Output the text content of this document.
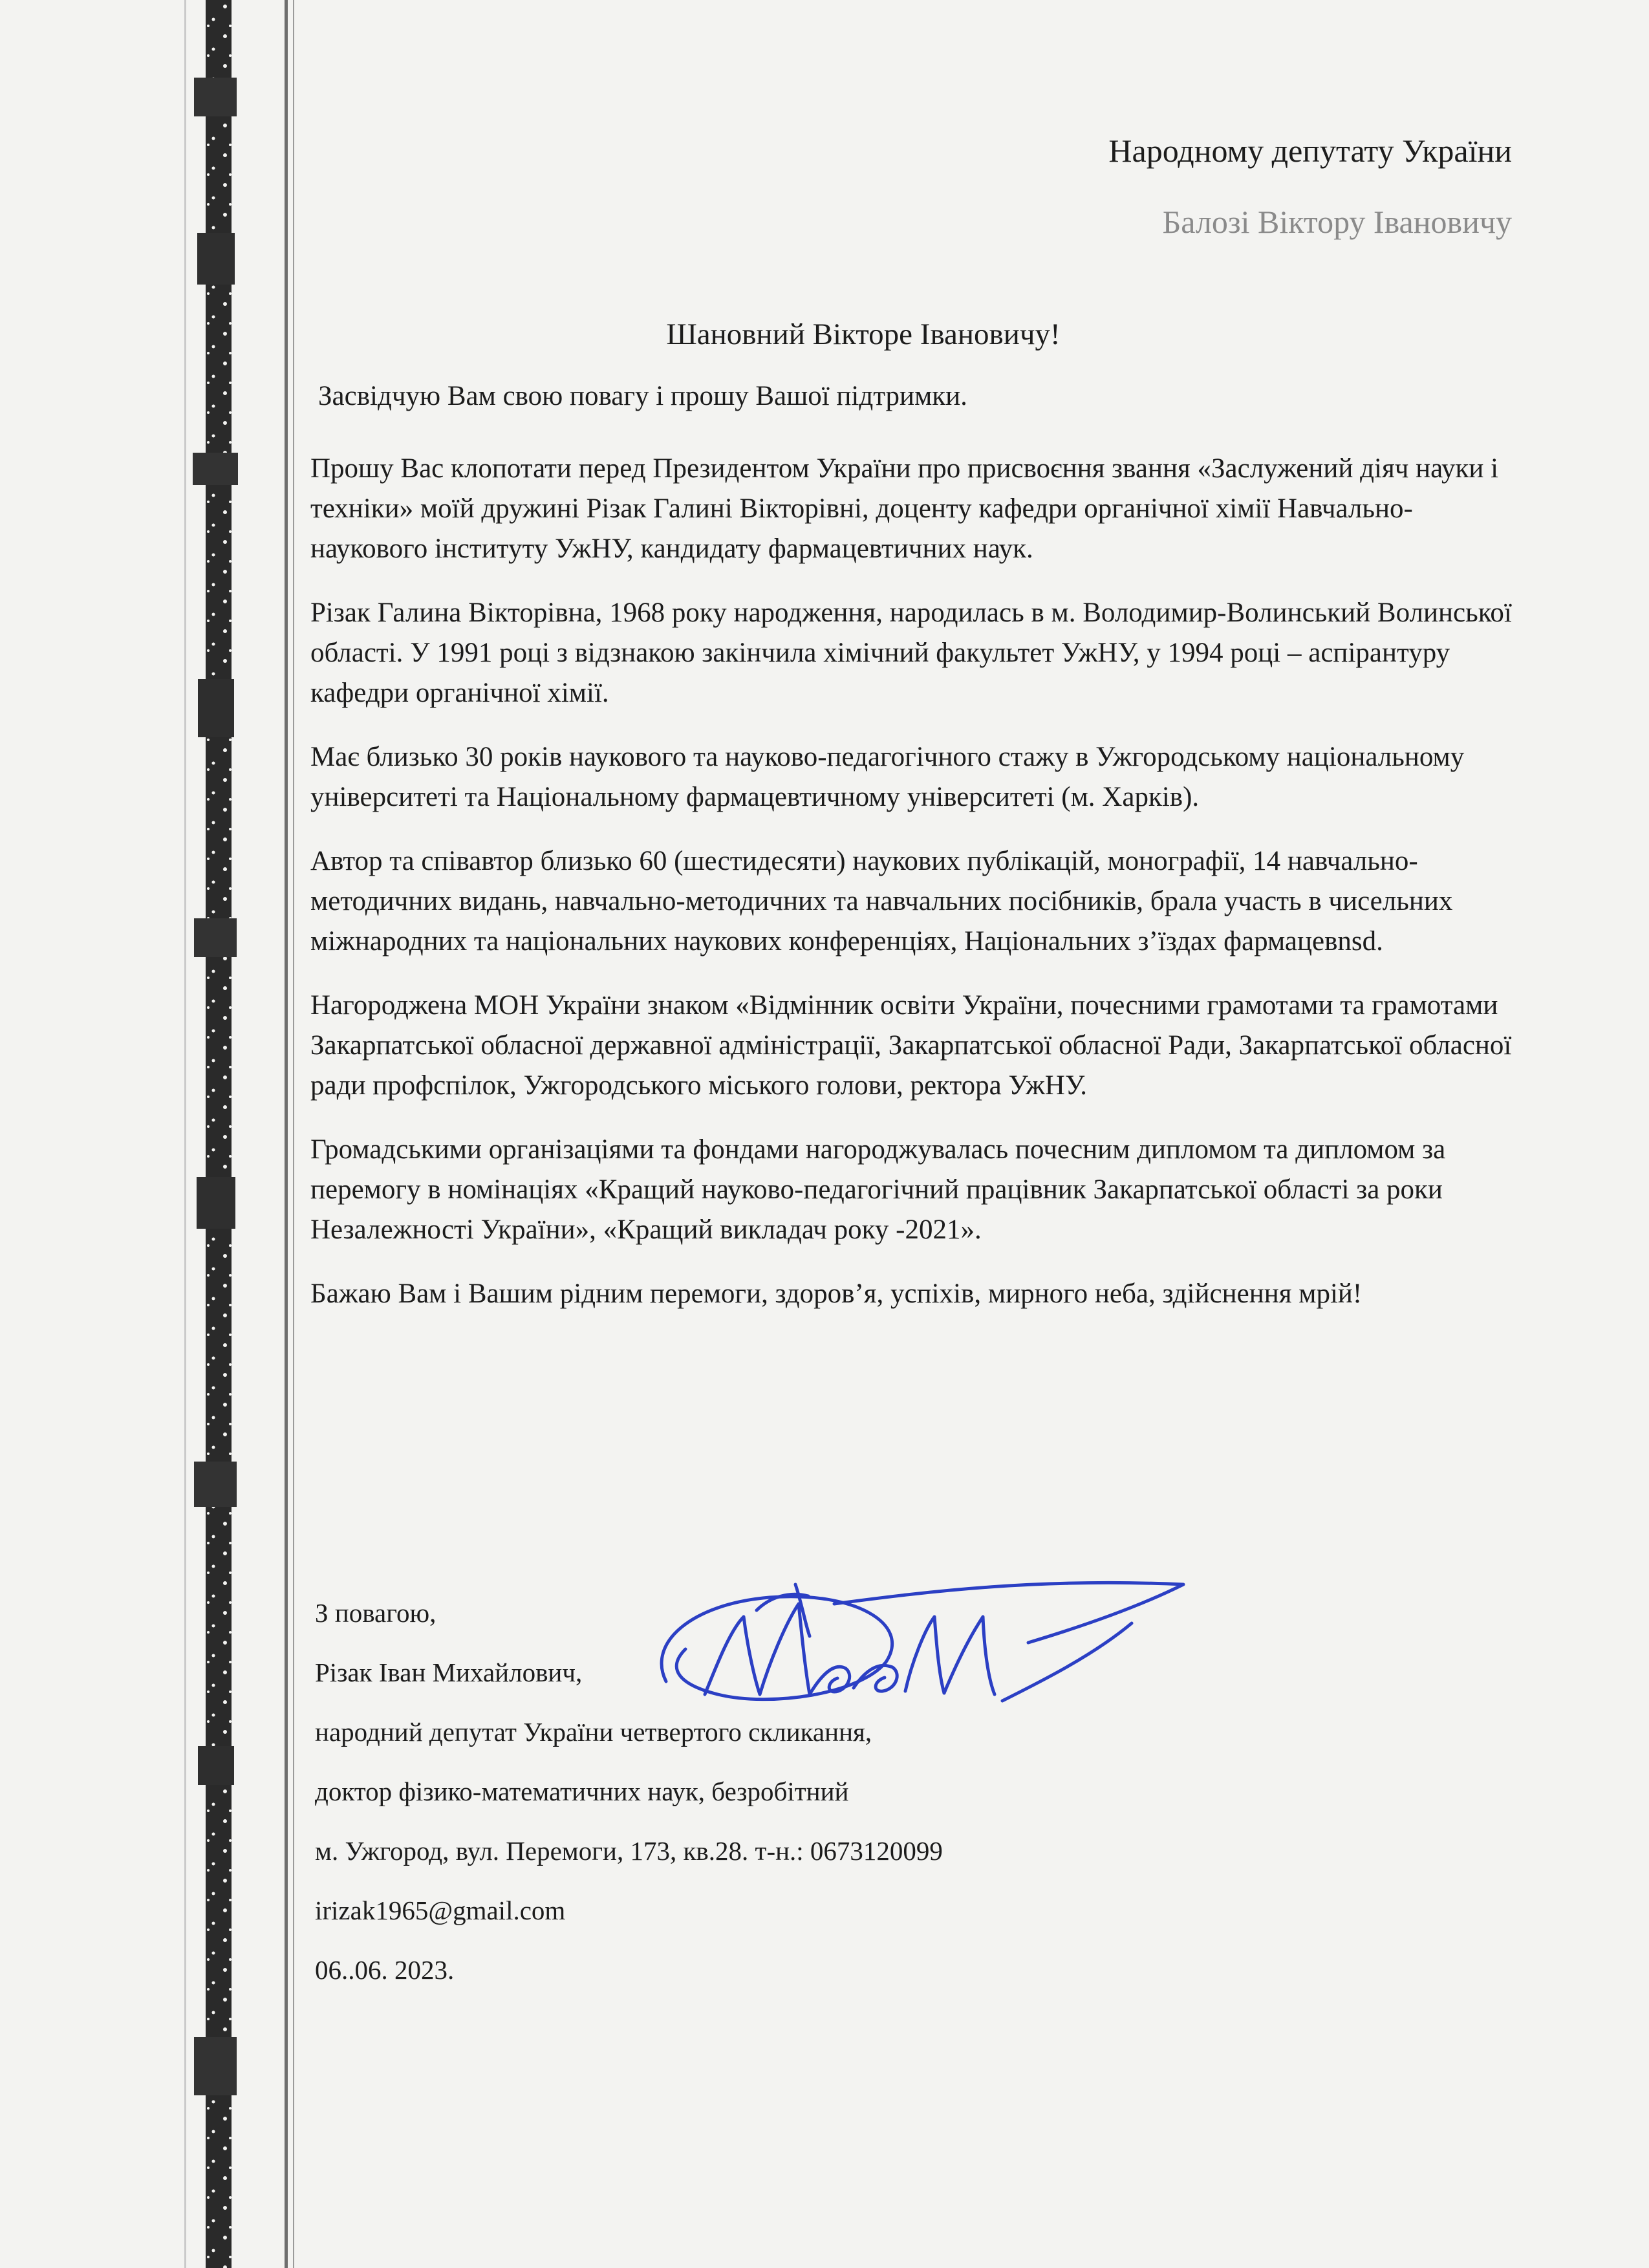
Народному депутату України
Балозі Віктору Івановичу
Шановний Вікторе Івановичу!

Засвідчую Вам свою повагу і прошу Вашої підтримки.

Прошу Вас клопотати перед Президентом України про присвоєння звання «Заслужений діяч науки і техніки» моїй дружині Різак Галині Вікторівні, доценту кафедри органічної хімії Навчально-наукового інституту УжНУ, кандидату фармацевтичних наук.

Різак Галина Вікторівна, 1968 року народження, народилась в м. Володимир-Волинський Волинської області. У 1991 році з відзнакою закінчила хімічний факультет УжНУ, у 1994 році – аспірантуру кафедри органічної хімії.

Має близько 30 років наукового та науково-педагогічного стажу в Ужгородському національному університеті та Національному фармацевтичному університеті (м. Харків).

Автор та співавтор близько 60 (шестидесяти) наукових публікацій, монографії, 14 навчально-методичних видань, навчально-методичних та навчальних посібників, брала участь в чисельних міжнародних та національних наукових конференціях, Національних з’їздах фармацевnsd.

Нагороджена МОН України знаком «Відмінник освіти України, почесними грамотами та грамотами Закарпатської обласної державної адміністрації, Закарпатської обласної Ради, Закарпатської обласної ради профспілок, Ужгородського міського голови, ректора УжНУ.

Громадськими організаціями та фондами нагороджувалась почесним дипломом та дипломом за перемогу в номінаціях «Кращий науково-педагогічний працівник Закарпатської області за роки Незалежності України», «Кращий викладач року -2021».

Бажаю Вам і Вашим рідним перемоги, здоров’я, успіхів, мирного неба, здійснення мрій!

З повагою,
Різак Іван Михайлович,
народний депутат України четвертого скликання,
доктор фізико-математичних наук, безробітний
м. Ужгород, вул. Перемоги, 173, кв.28. т-н.: 0673120099
irizak1965@gmail.com
06..06. 2023.
